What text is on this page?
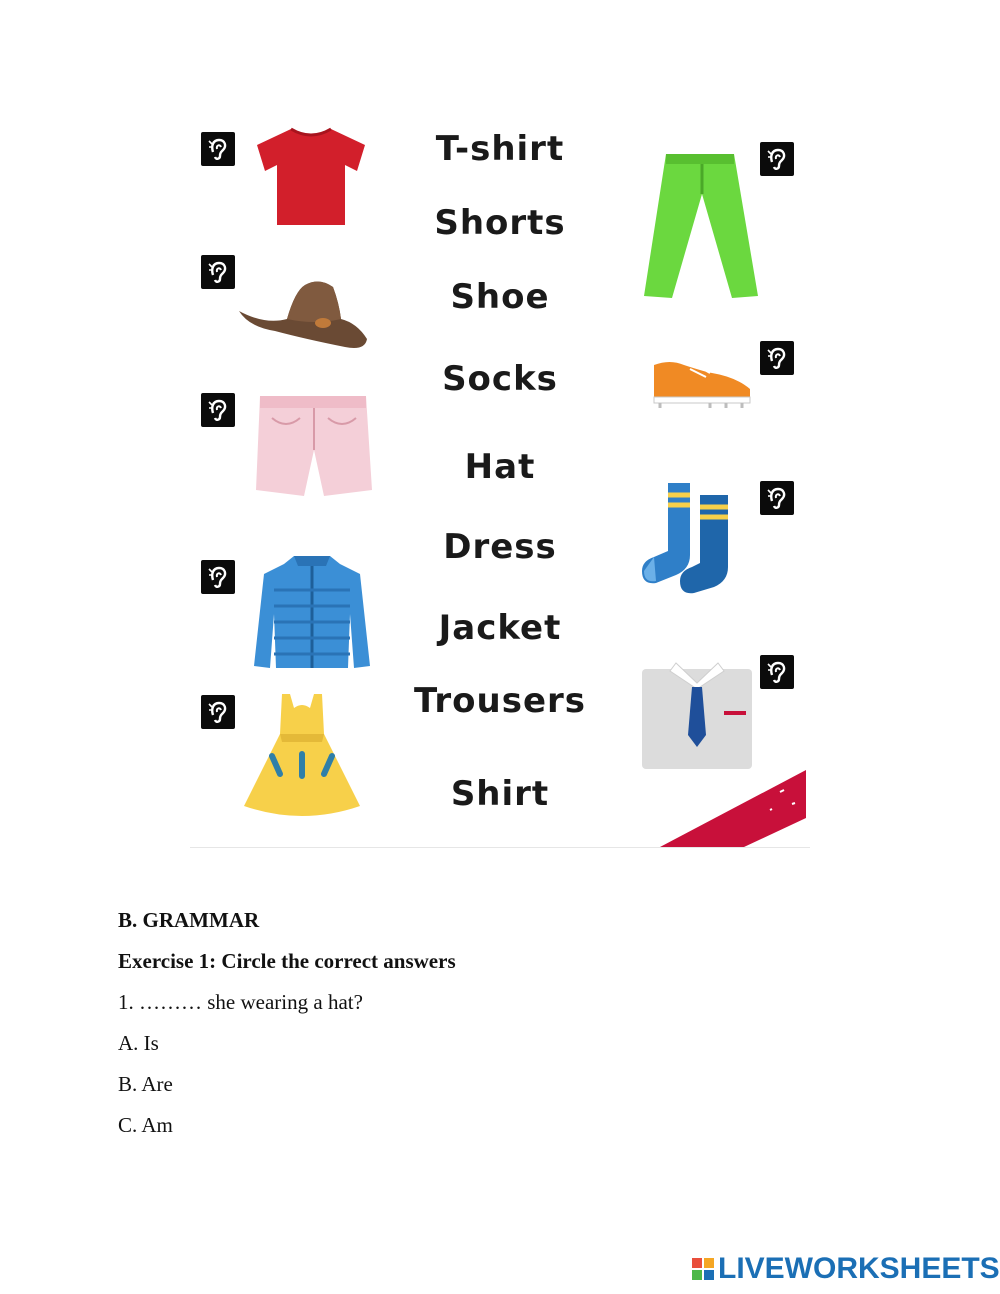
T-shirt
Shorts
Shoe
Socks
Hat
Dress
Jacket
Trousers
Shirt
B. GRAMMAR
Exercise 1: Circle the correct answers
1. ……… she wearing a hat?
A. Is
B. Are
C. Am
LIVEWORKSHEETS
